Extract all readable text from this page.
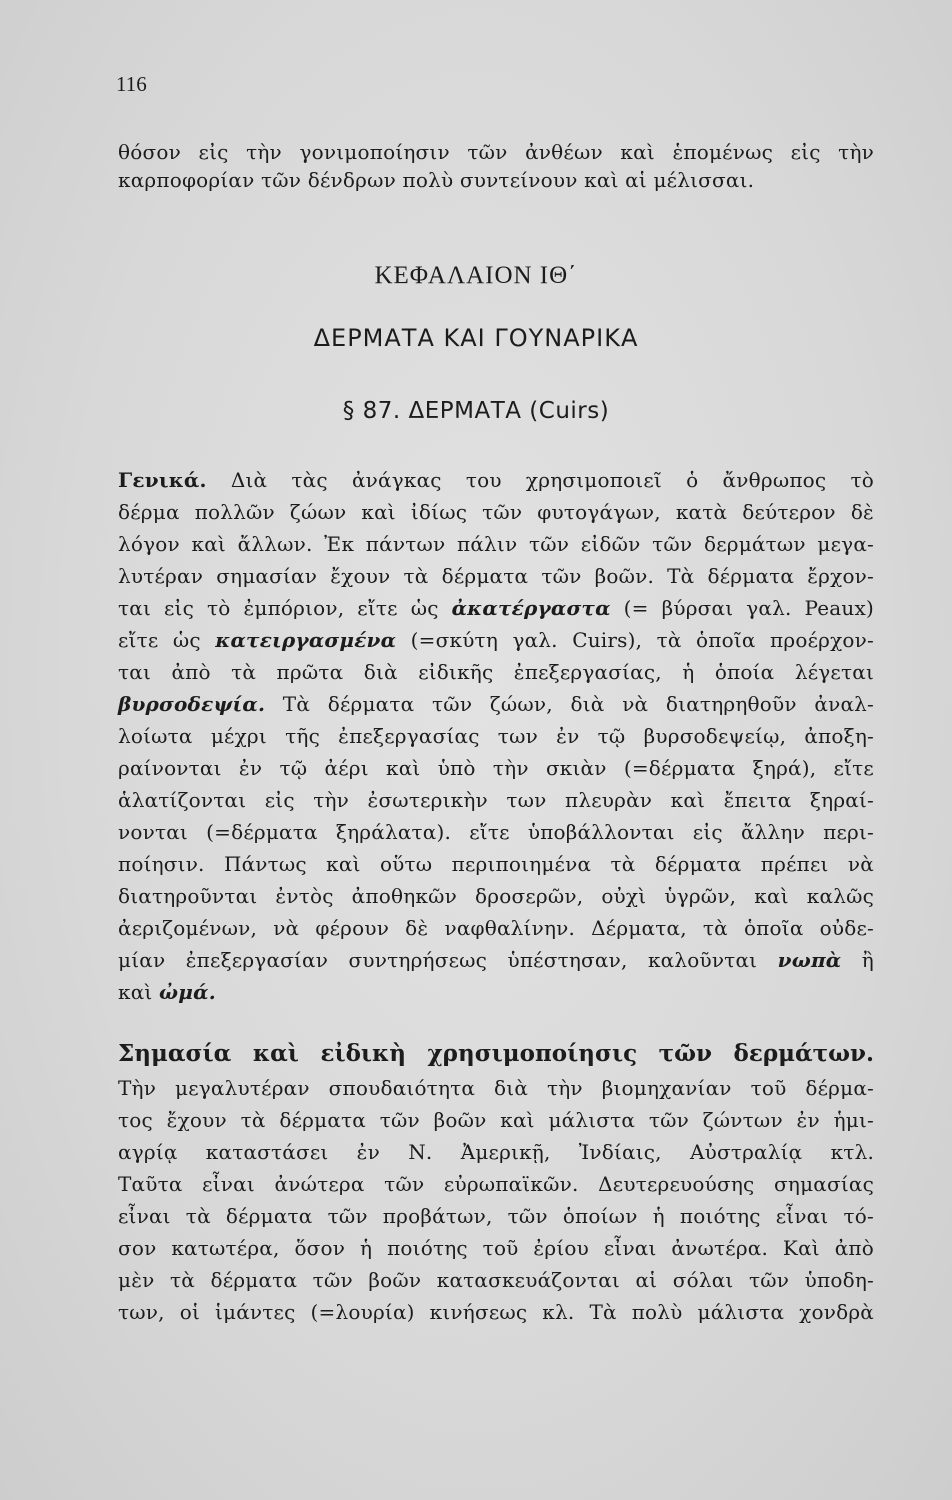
116
θόσον εἰς τὴν γονιμοποίησιν τῶν ἀνθέων καὶ ἑπομένως εἰς τὴν
καρποφορίαν τῶν δένδρων πολὺ συντείνουν καὶ αἱ μέλισσαι.
ΚΕΦΑΛΑΙΟΝ ΙΘ΄
ΔΕΡΜΑΤΑ ΚΑΙ ΓΟΥΝΑΡΙΚΑ
§ 87. ΔΕΡΜΑΤΑ (Cuirs)
Γενικά. Διὰ τὰς ἀνάγκας του χρησιμοποιεῖ ὁ ἄνθρωπος τὸ
δέρμα πολλῶν ζώων καὶ ἰδίως τῶν φυτογάγων, κατὰ δεύτερον δὲ
λόγον καὶ ἄλλων. Ἐκ πάντων πάλιν τῶν εἰδῶν τῶν δερμάτων μεγα-
λυτέραν σημασίαν ἔχουν τὰ δέρματα τῶν βοῶν. Τὰ δέρματα ἔρχον-
ται εἰς τὸ ἐμπόριον, εἴτε ὡς ἀκατέργαστα (= βύρσαι γαλ. Peaux)
εἴτε ὡς κατειργασμένα (=σκύτη γαλ. Cuirs), τὰ ὁποῖα προέρχον-
ται ἀπὸ τὰ πρῶτα διὰ εἰδικῆς ἐπεξεργασίας, ἡ ὁποία λέγεται
βυρσοδεψία. Τὰ δέρματα τῶν ζώων, διὰ νὰ διατηρηθοῦν ἀναλ-
λοίωτα μέχρι τῆς ἐπεξεργασίας των ἐν τῷ βυρσοδεψείῳ, ἀποξη-
ραίνονται ἐν τῷ ἀέρι καὶ ὑπὸ τὴν σκιὰν (=δέρματα ξηρά), εἴτε
ἁλατίζονται εἰς τὴν ἐσωτερικὴν των πλευρὰν καὶ ἔπειτα ξηραί-
νονται (=δέρματα ξηράλατα). εἴτε ὑποβάλλονται εἰς ἄλλην περι-
ποίησιν. Πάντως καὶ οὕτω περιποιημένα τὰ δέρματα πρέπει νὰ
διατηροῦνται ἐντὸς ἀποθηκῶν δροσερῶν, οὐχὶ ὑγρῶν, καὶ καλῶς
ἀεριζομένων, νὰ φέρουν δὲ ναφθαλίνην. Δέρματα, τὰ ὁποῖα οὐδε-
μίαν ἐπεξεργασίαν συντηρήσεως ὑπέστησαν, καλοῦνται νωπὰ ἢ
καὶ ὠμά.
Σημασία καὶ εἰδικὴ χρησιμοποίησις τῶν δερμάτων.
Τὴν μεγαλυτέραν σπουδαιότητα διὰ τὴν βιομηχανίαν τοῦ δέρμα-
τος ἔχουν τὰ δέρματα τῶν βοῶν καὶ μάλιστα τῶν ζώντων ἐν ἡμι-
αγρίᾳ καταστάσει ἐν Ν. Ἀμερικῇ, Ἰνδίαις, Αὐστραλίᾳ κτλ.
Ταῦτα εἶναι ἀνώτερα τῶν εὐρωπαϊκῶν. Δευτερευούσης σημασίας
εἶναι τὰ δέρματα τῶν προβάτων, τῶν ὁποίων ἡ ποιότης εἶναι τό-
σον κατωτέρα, ὅσον ἡ ποιότης τοῦ ἐρίου εἶναι ἀνωτέρα. Καὶ ἀπὸ
μὲν τὰ δέρματα τῶν βοῶν κατασκευάζονται αἱ σόλαι τῶν ὑποδη-
των, οἱ ἱμάντες (=λουρία) κινήσεως κλ. Τὰ πολὺ μάλιστα χονδρὰ
